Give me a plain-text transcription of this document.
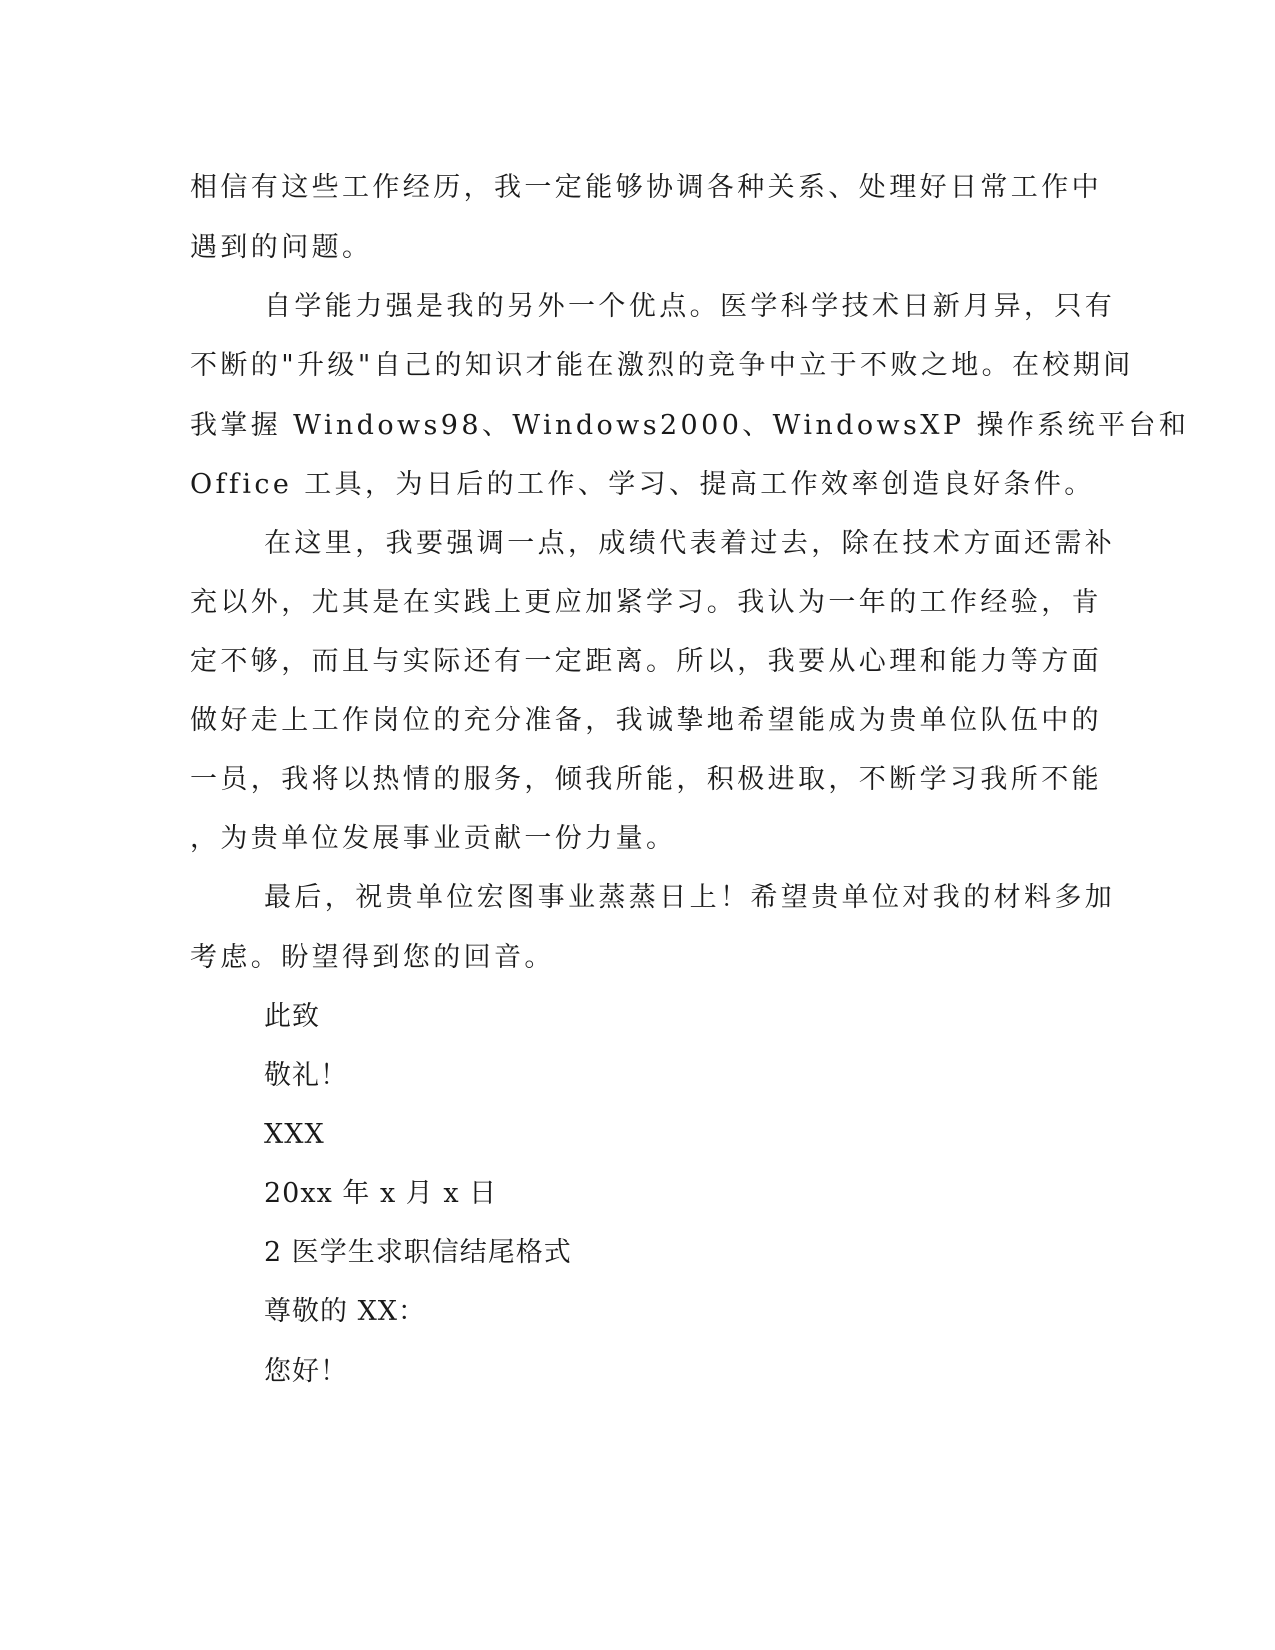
相信有这些工作经历，我一定能够协调各种关系、处理好日常工作中
遇到的问题。
自学能力强是我的另外一个优点。医学科学技术日新月异，只有
不断的"升级"自己的知识才能在激烈的竞争中立于不败之地。在校期间
我掌握 Windows98、Windows2000、WindowsXP 操作系统平台和
Office 工具，为日后的工作、学习、提高工作效率创造良好条件。
在这里，我要强调一点，成绩代表着过去，除在技术方面还需补
充以外，尤其是在实践上更应加紧学习。我认为一年的工作经验，肯
定不够，而且与实际还有一定距离。所以，我要从心理和能力等方面
做好走上工作岗位的充分准备，我诚挚地希望能成为贵单位队伍中的
一员，我将以热情的服务，倾我所能，积极进取，不断学习我所不能
，为贵单位发展事业贡献一份力量。
最后，祝贵单位宏图事业蒸蒸日上！希望贵单位对我的材料多加
考虑。盼望得到您的回音。
此致
敬礼！
XXX
20xx 年 x 月 x 日
2 医学生求职信结尾格式
尊敬的 XX：
您好！
